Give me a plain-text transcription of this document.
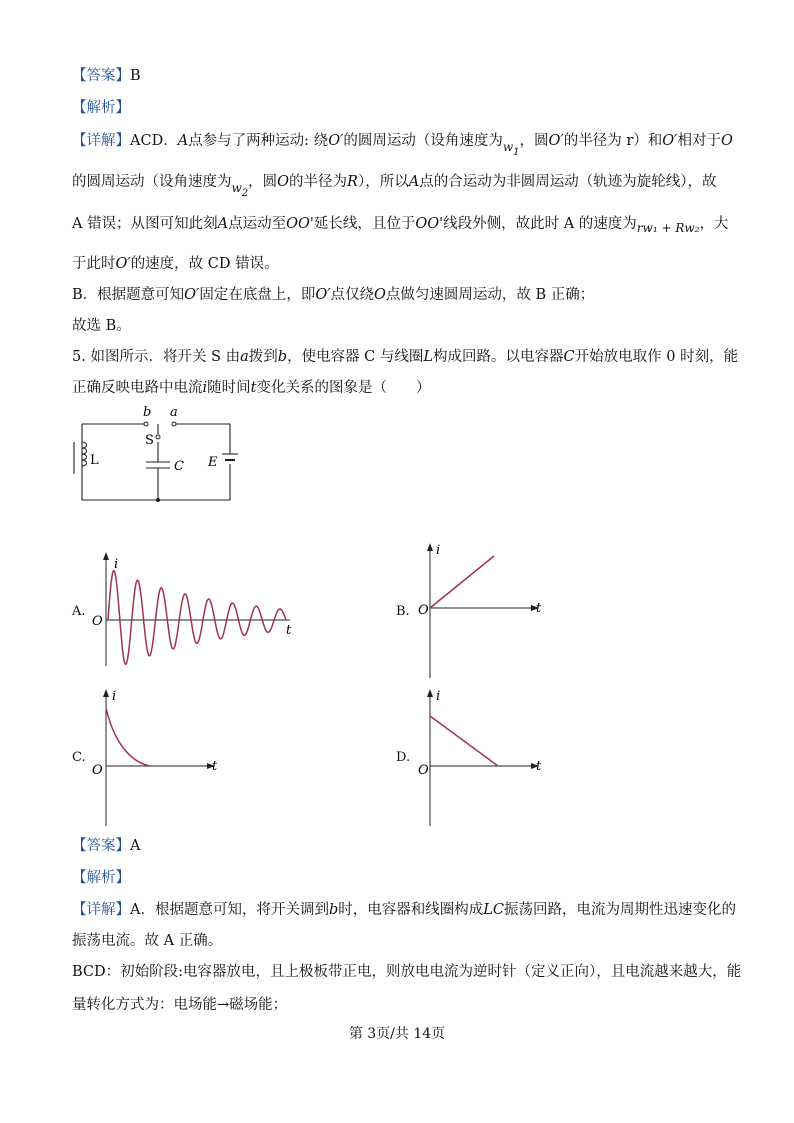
【答案】B
【解析】
【详解】ACD．A点参与了两种运动: 绕O′的圆周运动（设角速度为$_{w_1}$，圆O′的半径为 r）和O′相对于O
的圆周运动（设角速度为$_{w_2}$，圆O的半径为R），所以A点的合运动为非圆周运动（轨迹为旋轮线），故
A 错误；从图可知此刻A点运动至OO'延长线，且位于OO'线段外侧，故此时 A 的速度为$_{rw_1 + Rw_2}$，大
于此时O′的速度，故 CD 错误。
B．根据题意可知O′固定在底盘上，即O′点仅绕O点做匀速圆周运动，故 B 正确；
故选 B。
5. 如图所示．将开关 S 由a拨到b，使电容器 C 与线圈L构成回路。以电容器C开始放电取作 0 时刻，能
正确反映电路中电流i随时间t变化关系的图象是（　　）
b a
S
L	C E
A.
i
O
t
B.
i
O	t
C.
i
O	t
D.
i
O	t
【答案】A
【解析】
【详解】A．根据题意可知，将开关调到b时，电容器和线圈构成LC振荡回路，电流为周期性迅速变化的
振荡电流。故 A 正确。
BCD：初始阶段:电容器放电，且上极板带正电，则放电电流为逆时针（定义正向），且电流越来越大，能
量转化方式为：电场能→磁场能；
第 3页/共 14页
